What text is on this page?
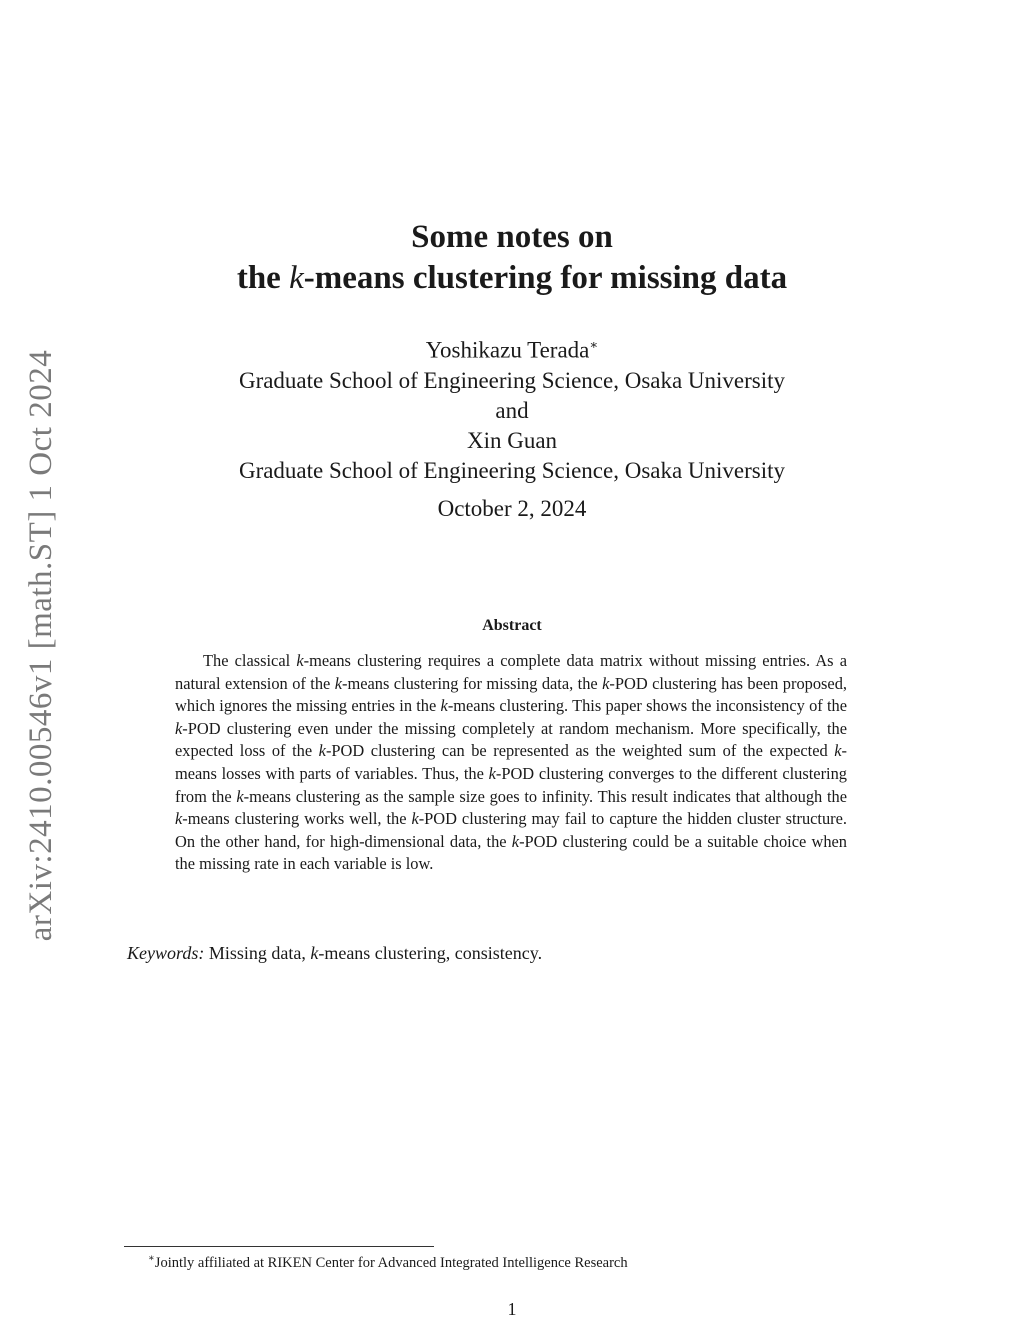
arXiv:2410.00546v1 [math.ST] 1 Oct 2024
Some notes on
the k-means clustering for missing data
Yoshikazu Terada∗
Graduate School of Engineering Science, Osaka University
and
Xin Guan
Graduate School of Engineering Science, Osaka University
October 2, 2024
Abstract

The classical k-means clustering requires a complete data matrix without missing entries. As a natural extension of the k-means clustering for missing data, the k-POD clustering has been proposed, which ignores the missing entries in the k-means clustering. This paper shows the inconsistency of the k-POD clustering even under the missing completely at random mechanism. More specifically, the expected loss of the k-POD clustering can be represented as the weighted sum of the expected k-means losses with parts of variables. Thus, the k-POD clustering converges to the different clustering from the k-means clustering as the sample size goes to infinity. This result indicates that although the k-means clustering works well, the k-POD clustering may fail to capture the hidden cluster structure. On the other hand, for high-dimensional data, the k-POD clustering could be a suitable choice when the missing rate in each variable is low.

Keywords: Missing data, k-means clustering, consistency.
∗Jointly affiliated at RIKEN Center for Advanced Integrated Intelligence Research
1
